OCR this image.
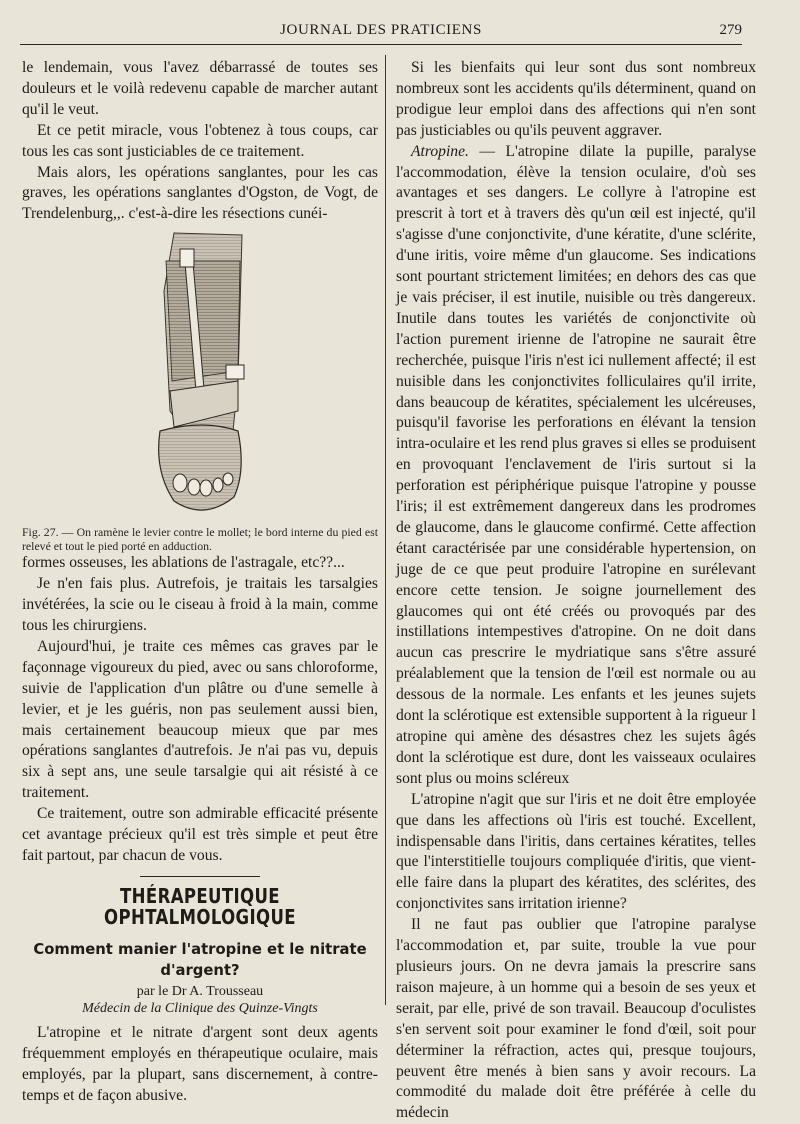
JOURNAL DES PRATICIENS	279

le lendemain, vous l'avez débarrassé de toutes ses douleurs et le voilà redevenu capable de marcher autant qu'il le veut.

Et ce petit miracle, vous l'obtenez à tous coups, car tous les cas sont justiciables de ce traitement.

Mais alors, les opérations sanglantes, pour les cas graves, les opérations sanglantes d'Ogston, de Vogt, de Trendelenburg,,. c'est-à-dire les résections cunéi-

Fig. 27. — On ramène le levier contre le mollet; le bord interne du pied est relevé et tout le pied porté en adduction.

formes osseuses, les ablations de l'astragale, etc??...

Je n'en fais plus. Autrefois, je traitais les tarsalgies invétérées, la scie ou le ciseau à froid à la main, comme tous les chirurgiens.

Aujourd'hui, je traite ces mêmes cas graves par le façonnage vigoureux du pied, avec ou sans chloroforme, suivie de l'application d'un plâtre ou d'une semelle à levier, et je les guéris, non pas seulement aussi bien, mais certainement beaucoup mieux que par mes opérations sanglantes d'autrefois. Je n'ai pas vu, depuis six à sept ans, une seule tarsalgie qui ait résisté à ce traitement.

Ce traitement, outre son admirable efficacité présente cet avantage précieux qu'il est très simple et peut être fait partout, par chacun de vous.

THÉRAPEUTIQUE OPHTALMOLOGIQUE
Comment manier l'atropine et le nitrate d'argent?
par le Dr A. Trousseau
Médecin de la Clinique des Quinze-Vingts

L'atropine et le nitrate d'argent sont deux agents fréquemment employés en thérapeutique oculaire, mais employés, par la plupart, sans discernement, à contre-temps et de façon abusive.

Si les bienfaits qui leur sont dus sont nombreux nombreux sont les accidents qu'ils déterminent, quand on prodigue leur emploi dans des affections qui n'en sont pas justiciables ou qu'ils peuvent aggraver.

Atropine. — L'atropine dilate la pupille, paralyse l'accommodation, élève la tension oculaire, d'où ses avantages et ses dangers. Le collyre à l'atropine est prescrit à tort et à travers dès qu'un œil est injecté, qu'il s'agisse d'une conjonctivite, d'une kératite, d'une sclérite, d'une iritis, voire même d'un glaucome. Ses indications sont pourtant strictement limitées; en dehors des cas que je vais préciser, il est inutile, nuisible ou très dangereux. Inutile dans toutes les variétés de conjonctivite où l'action purement irienne de l'atropine ne saurait être recherchée, puisque l'iris n'est ici nullement affecté; il est nuisible dans les conjonctivites folliculaires qu'il irrite, dans beaucoup de kératites, spécialement les ulcéreuses, puisqu'il favorise les perforations en élévant la tension intra-oculaire et les rend plus graves si elles se produisent en provoquant l'enclavement de l'iris surtout si la perforation est périphérique puisque l'atropine y pousse l'iris; il est extrêmement dangereux dans les prodromes de glaucome, dans le glaucome confirmé. Cette affection étant caractérisée par une considérable hypertension, on juge de ce que peut produire l'atropine en surélevant encore cette tension. Je soigne journellement des glaucomes qui ont été créés ou provoqués par des instillations intempestives d'atropine. On ne doit dans aucun cas prescrire le mydriatique sans s'être assuré préalablement que la tension de l'œil est normale ou au dessous de la normale. Les enfants et les jeunes sujets dont la sclérotique est extensible supportent à la rigueur l atropine qui amène des désastres chez les sujets âgés dont la sclérotique est dure, dont les vaisseaux oculaires sont plus ou moins scléreux

L'atropine n'agit que sur l'iris et ne doit être employée que dans les affections où l'iris est touché. Excellent, indispensable dans l'iritis, dans certaines kératites, telles que l'interstitielle toujours compliquée d'iritis, que vient-elle faire dans la plupart des kératites, des sclérites, des conjonctivites sans irritation irienne?

Il ne faut pas oublier que l'atropine paralyse l'accommodation et, par suite, trouble la vue pour plusieurs jours. On ne devra jamais la prescrire sans raison majeure, à un homme qui a besoin de ses yeux et serait, par elle, privé de son travail. Beaucoup d'oculistes s'en servent soit pour examiner le fond d'œil, soit pour déterminer la réfraction, actes qui, presque toujours, peuvent être menés à bien sans y avoir recours. La commodité du malade doit être préférée à celle du médecin
